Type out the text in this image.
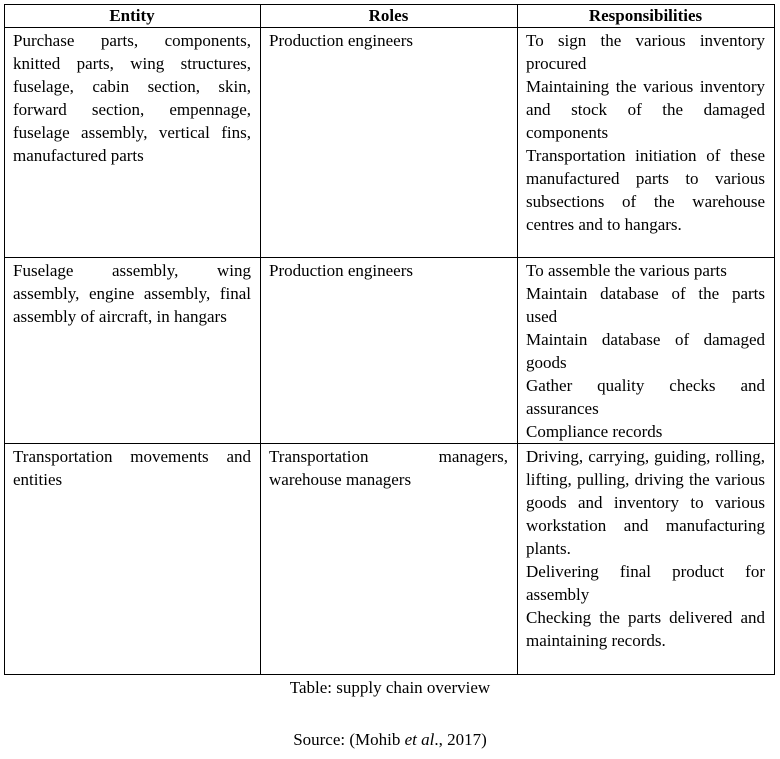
Entity	Roles	Responsibilities
Purchase parts, components, knitted parts, wing structures, fuselage, cabin section, skin, forward section, empennage, fuselage assembly, vertical fins, manufactured parts	Production engineers	To sign the various inventory procured
Maintaining the various inventory and stock of the damaged components
Transportation initiation of these manufactured parts to various subsections of the warehouse centres and to hangars.

Fuselage assembly, wing assembly, engine assembly, final assembly of aircraft, in hangars	Production engineers	To assemble the various parts
Maintain database of the parts used
Maintain database of damaged goods
Gather quality checks and assurances
Compliance records

Transportation movements and entities	Transportation managers, warehouse managers	Driving, carrying, guiding, rolling, lifting, pulling, driving the various goods and inventory to various workstation and manufacturing plants.
Delivering final product for assembly
Checking the parts delivered and maintaining records.
Table: supply chain overview
Source: (Mohib et al., 2017)
